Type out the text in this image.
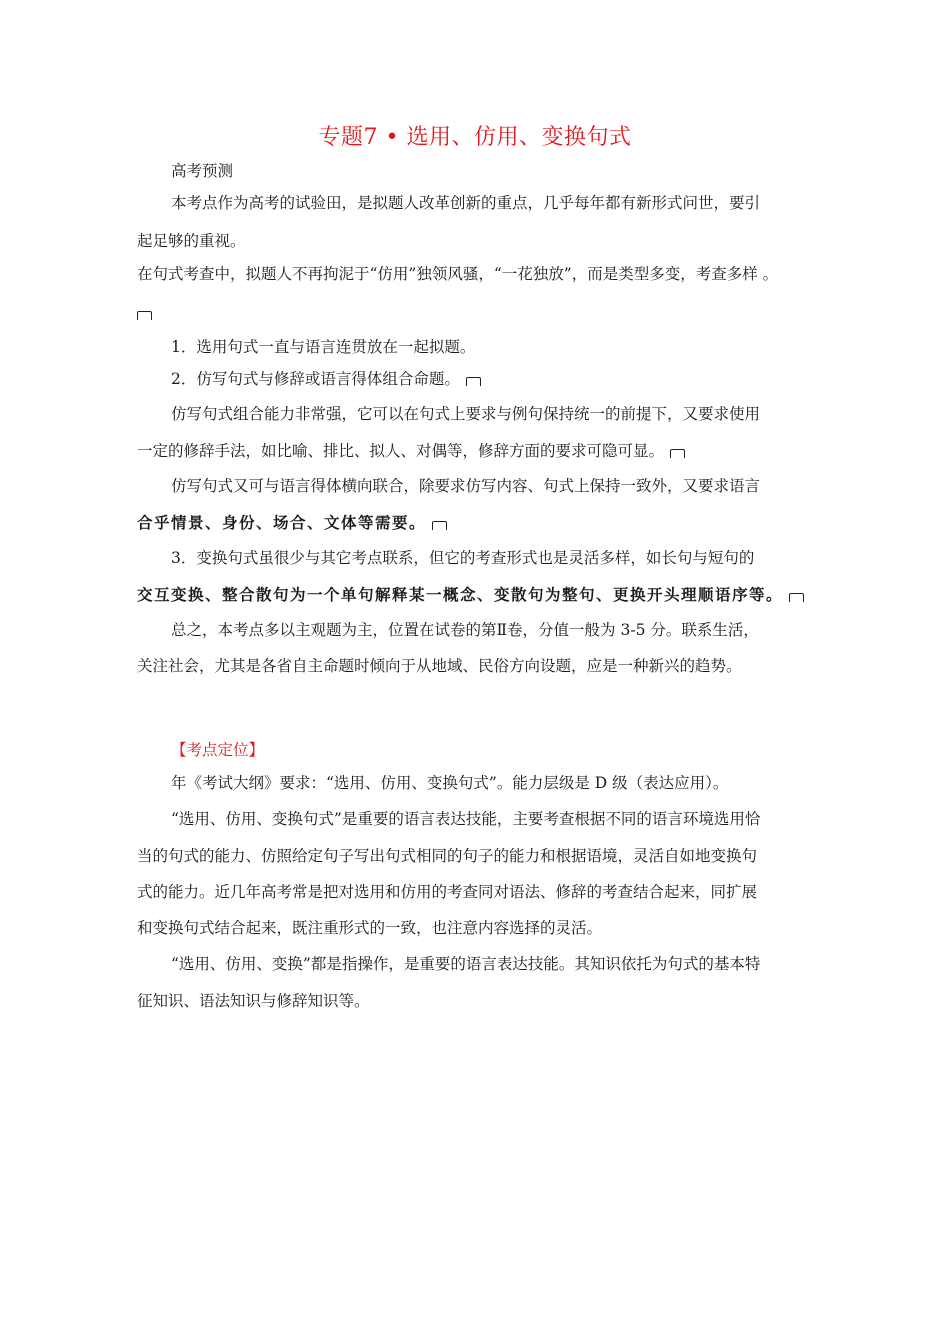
专题7 • 选用、仿用、变换句式
高考预测
本考点作为高考的试验田，是拟题人改革创新的重点，几乎每年都有新形式问世，要引
起足够的重视。
在句式考查中，拟题人不再拘泥于“仿用”独领风骚，“一花独放”，而是类型多变，考查多样 。
1．选用句式一直与语言连贯放在一起拟题。
2．仿写句式与修辞或语言得体组合命题。
仿写句式组合能力非常强，它可以在句式上要求与例句保持统一的前提下，又要求使用
一定的修辞手法，如比喻、排比、拟人、对偶等，修辞方面的要求可隐可显。
仿写句式又可与语言得体横向联合，除要求仿写内容、句式上保持一致外，又要求语言
合乎情景、身份、场合、文体等需要。
3．变换句式虽很少与其它考点联系，但它的考查形式也是灵活多样，如长句与短句的
交互变换、整合散句为一个单句解释某一概念、变散句为整句、更换开头理顺语序等。
总之，本考点多以主观题为主，位置在试卷的第Ⅱ卷，分值一般为 3-5 分。联系生活，
关注社会，尤其是各省自主命题时倾向于从地域、民俗方向设题，应是一种新兴的趋势。
【考点定位】
年《考试大纲》要求：“选用、仿用、变换句式”。能力层级是 D 级（表达应用）。
“选用、仿用、变换句式”是重要的语言表达技能，主要考查根据不同的语言环境选用恰
当的句式的能力、仿照给定句子写出句式相同的句子的能力和根据语境，灵活自如地变换句
式的能力。近几年高考常是把对选用和仿用的考查同对语法、修辞的考查结合起来，同扩展
和变换句式结合起来，既注重形式的一致，也注意内容选择的灵活。
“选用、仿用、变换”都是指操作，是重要的语言表达技能。其知识依托为句式的基本特
征知识、语法知识与修辞知识等。
